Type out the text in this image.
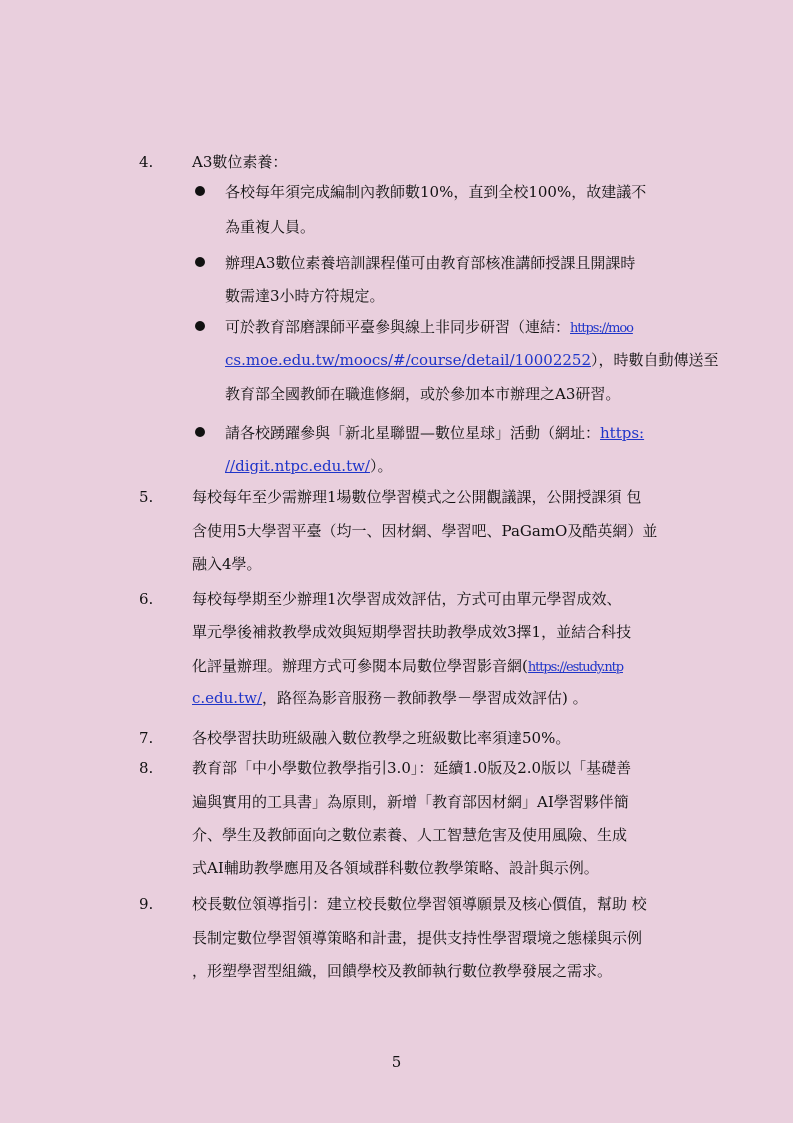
4.	A3數位素養：
各校每年須完成編制內教師數10%，直到全校100%，故建議不
為重複人員。
辦理A3數位素養培訓課程僅可由教育部核准講師授課且開課時
數需達3小時方符規定。
可於教育部磨課師平臺參與線上非同步研習（連結：https://moo
cs.moe.edu.tw/moocs/#/course/detail/10002252），時數自動傳送至
教育部全國教師在職進修網，或於參加本市辦理之A3研習。
請各校踴躍參與「新北星聯盟—數位星球」活動（網址：https:
//digit.ntpc.edu.tw/）。
5.	每校每年至少需辦理1場數位學習模式之公開觀議課，公開授課須 包
含使用5大學習平臺（均一、因材網、學習吧、PaGamO及酷英網）並
融入4學。
6.	每校每學期至少辦理1次學習成效評估，方式可由單元學習成效、
單元學後補救教學成效與短期學習扶助教學成效3擇1，並結合科技
化評量辦理。辦理方式可參閱本局數位學習影音網(https://estudy.ntp
c.edu.tw/，路徑為影音服務－教師教學－學習成效評估) 。
7.	各校學習扶助班級融入數位教學之班級數比率須達50%。
8.	教育部「中小學數位教學指引3.0」：延續1.0版及2.0版以「基礎善
遍與實用的工具書」為原則，新增「教育部因材網」AI學習夥伴簡
介、學生及教師面向之數位素養、人工智慧危害及使用風險、生成
式AI輔助教學應用及各領域群科數位教學策略、設計與示例。
9.	校長數位領導指引：建立校長數位學習領導願景及核心價值，幫助 校
長制定數位學習領導策略和計畫，提供支持性學習環境之態樣與示例
，形塑學習型組織，回饋學校及教師執行數位教學發展之需求。
5
